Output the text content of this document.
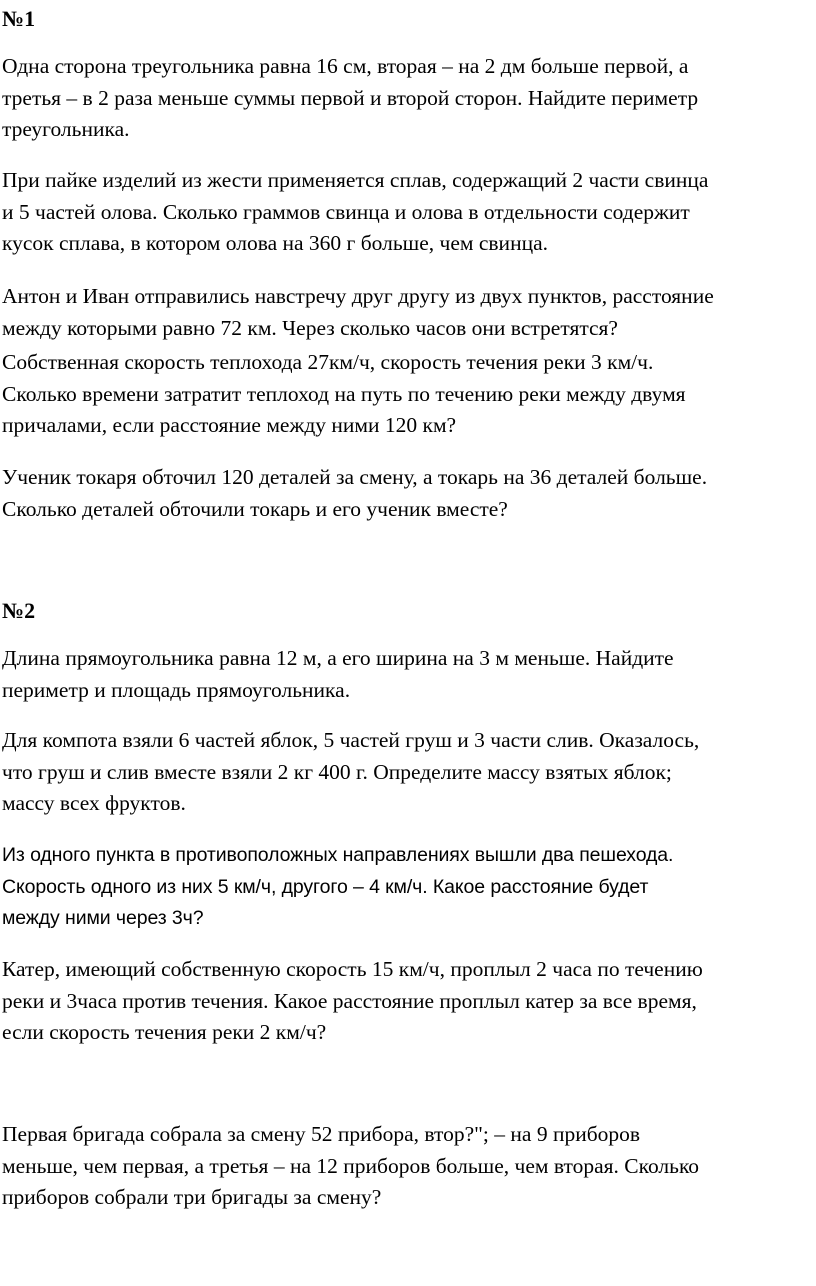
№1

Одна сторона треугольника равна 16 см, вторая – на 2 дм больше первой, а
третья – в 2 раза меньше суммы первой и второй сторон. Найдите периметр
треугольника.

При пайке изделий из жести применяется сплав, содержащий 2 части свинца
и 5 частей олова. Сколько граммов свинца и олова в отдельности содержит
кусок сплава, в котором олова на 360 г больше, чем свинца.

Антон и Иван отправились навстречу друг другу из двух пунктов, расстояние
между которыми равно 72 км. Через сколько часов они встретятся?

Собственная скорость теплохода 27км/ч, скорость течения реки 3 км/ч.
Сколько времени затратит теплоход на путь по течению реки между двумя
причалами, если расстояние между ними 120 км?

Ученик токаря обточил 120 деталей за смену, а токарь на 36 деталей больше.
Сколько деталей обточили токарь и его ученик вместе?

№2

Длина прямоугольника равна 12 м, а его ширина на 3 м меньше. Найдите
периметр и площадь прямоугольника.

Для компота взяли 6 частей яблок, 5 частей груш и 3 части слив. Оказалось,
что груш и слив вместе взяли 2 кг 400 г. Определите массу взятых яблок;
массу всех фруктов.

Из одного пункта в противоположных направлениях вышли два пешехода.
Скорость одного из них 5 км/ч, другого – 4 км/ч. Какое расстояние будет
между ними через 3ч?

Катер, имеющий собственную скорость 15 км/ч, проплыл 2 часа по течению
реки и 3часа против течения. Какое расстояние проплыл катер за все время,
если скорость течения реки 2 км/ч?

Первая бригада собрала за смену 52 прибора, втор?"; – на 9 приборов
меньше, чем первая, а третья – на 12 приборов больше, чем вторая. Сколько
приборов собрали три бригады за смену?
